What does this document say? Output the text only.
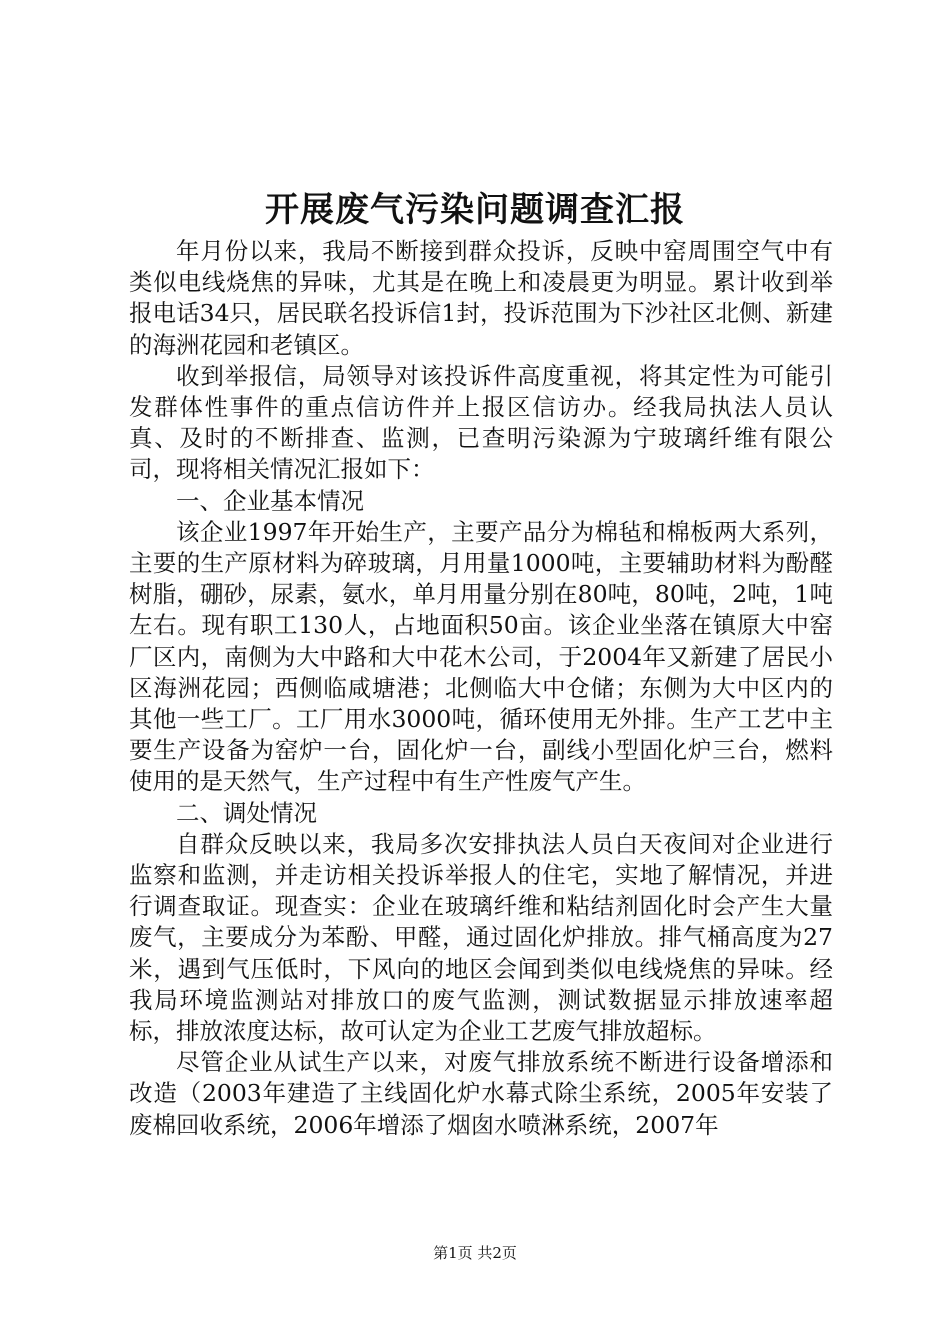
开展废气污染问题调查汇报

年月份以来，我局不断接到群众投诉，反映中窑周围空气中有类似电线烧焦的异味，尤其是在晚上和凌晨更为明显。累计收到举报电话34只，居民联名投诉信1封，投诉范围为下沙社区北侧、新建的海洲花园和老镇区。

收到举报信，局领导对该投诉件高度重视，将其定性为可能引发群体性事件的重点信访件并上报区信访办。经我局执法人员认真、及时的不断排查、监测，已查明污染源为宁玻璃纤维有限公司，现将相关情况汇报如下：

一、企业基本情况

该企业1997年开始生产，主要产品分为棉毡和棉板两大系列，主要的生产原材料为碎玻璃，月用量1000吨，主要辅助材料为酚醛树脂，硼砂，尿素，氨水，单月用量分别在80吨，80吨，2吨，1吨左右。现有职工130人，占地面积50亩。该企业坐落在镇原大中窑厂区内，南侧为大中路和大中花木公司，于2004年又新建了居民小区海洲花园；西侧临咸塘港；北侧临大中仓储；东侧为大中区内的其他一些工厂。工厂用水3000吨，循环使用无外排。生产工艺中主要生产设备为窑炉一台，固化炉一台，副线小型固化炉三台，燃料使用的是天然气，生产过程中有生产性废气产生。

二、调处情况

自群众反映以来，我局多次安排执法人员白天夜间对企业进行监察和监测，并走访相关投诉举报人的住宅，实地了解情况，并进行调查取证。现查实：企业在玻璃纤维和粘结剂固化时会产生大量废气，主要成分为苯酚、甲醛，通过固化炉排放。排气桶高度为27米，遇到气压低时，下风向的地区会闻到类似电线烧焦的异味。经我局环境监测站对排放口的废气监测，测试数据显示排放速率超标，排放浓度达标，故可认定为企业工艺废气排放超标。

尽管企业从试生产以来，对废气排放系统不断进行设备增添和改造（2003年建造了主线固化炉水幕式除尘系统，2005年安装了废棉回收系统，2006年增添了烟囱水喷淋系统，2007年

第1页 共2页
